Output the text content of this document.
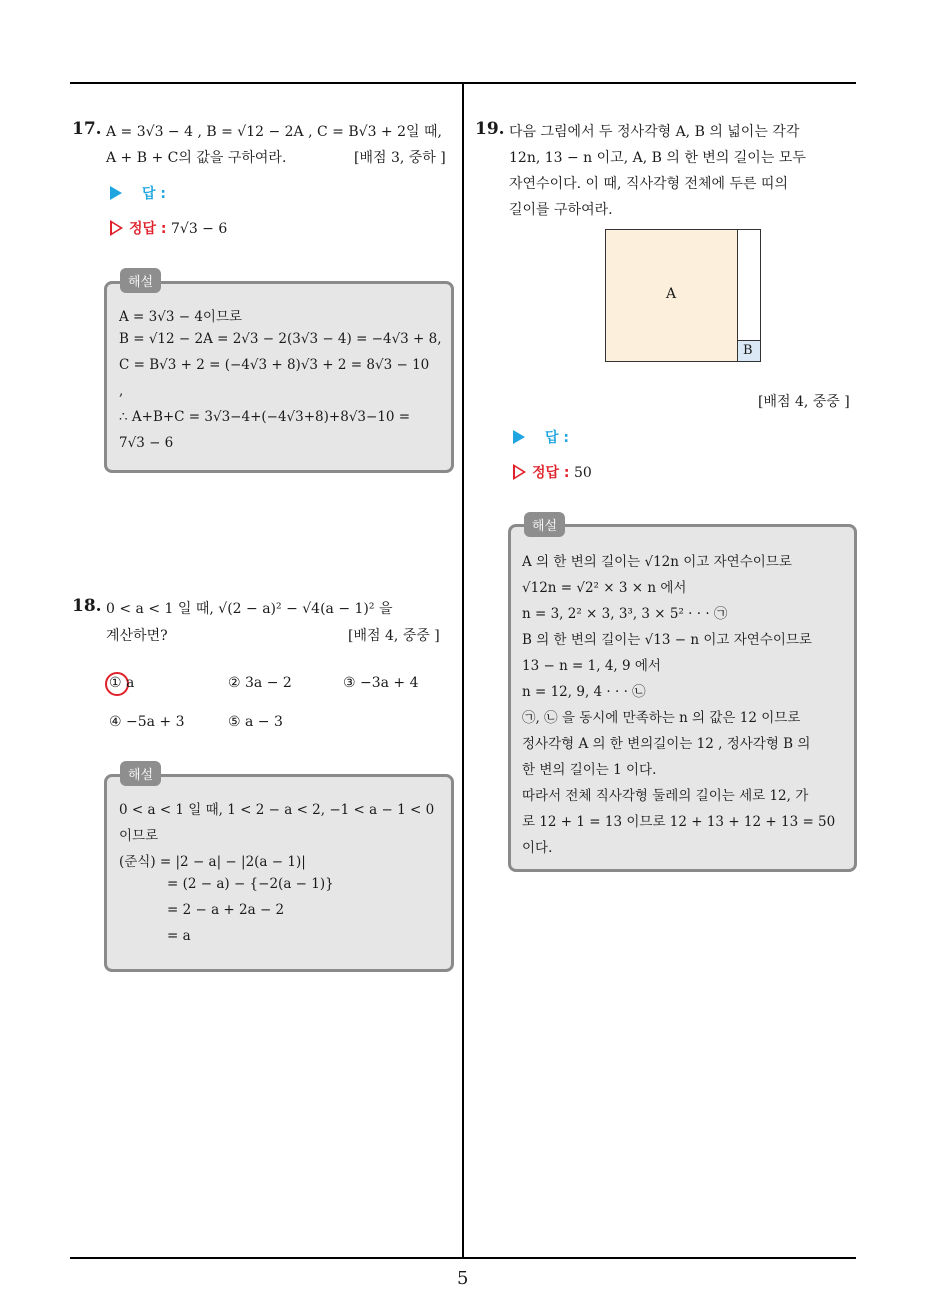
17. A = 3√3 − 4 , B = √12 − 2A , C = B√3 + 2일 때,
A + B + C의 값을 구하여라.	[배점 3, 중하 ]
답 :
정답 : 7√3 − 6
해설
A = 3√3 − 4이므로
B = √12 − 2A = 2√3 − 2(3√3 − 4) = −4√3 + 8,
C = B√3 + 2 = (−4√3 + 8)√3 + 2 = 8√3 − 10
,
∴ A+B+C = 3√3−4+(−4√3+8)+8√3−10 =
7√3 − 6
18. 0 < a < 1 일 때, √(2 − a)² − √4(a − 1)² 을
계산하면?	[배점 4, 중중 ]
① a	② 3a − 2	③ −3a + 4
④ −5a + 3	⑤ a − 3
해설
0 < a < 1 일 때, 1 < 2 − a < 2, −1 < a − 1 < 0
이므로
(준식) = |2 − a| − |2(a − 1)|
= (2 − a) − {−2(a − 1)}
= 2 − a + 2a − 2
= a
19. 다음 그림에서 두 정사각형 A, B 의 넓이는 각각
12n, 13 − n 이고, A, B 의 한 변의 길이는 모두
자연수이다. 이 때, 직사각형 전체에 두른 띠의
길이를 구하여라.
A
B
[배점 4, 중중 ]
답 :
정답 : 50
해설
A 의 한 변의 길이는 √12n 이고 자연수이므로
√12n = √2² × 3 × n 에서
n = 3, 2² × 3, 3³, 3 × 5² · · · ㉠
B 의 한 변의 길이는 √13 − n 이고 자연수이므로
13 − n = 1, 4, 9 에서
n = 12, 9, 4 · · · ㉡
㉠, ㉡ 을 동시에 만족하는 n 의 값은 12 이므로
정사각형 A 의 한 변의길이는 12 , 정사각형 B 의
한 변의 길이는 1 이다.
따라서 전체 직사각형 둘레의 길이는 세로 12, 가
로 12 + 1 = 13 이므로 12 + 13 + 12 + 13 = 50
이다.
5
